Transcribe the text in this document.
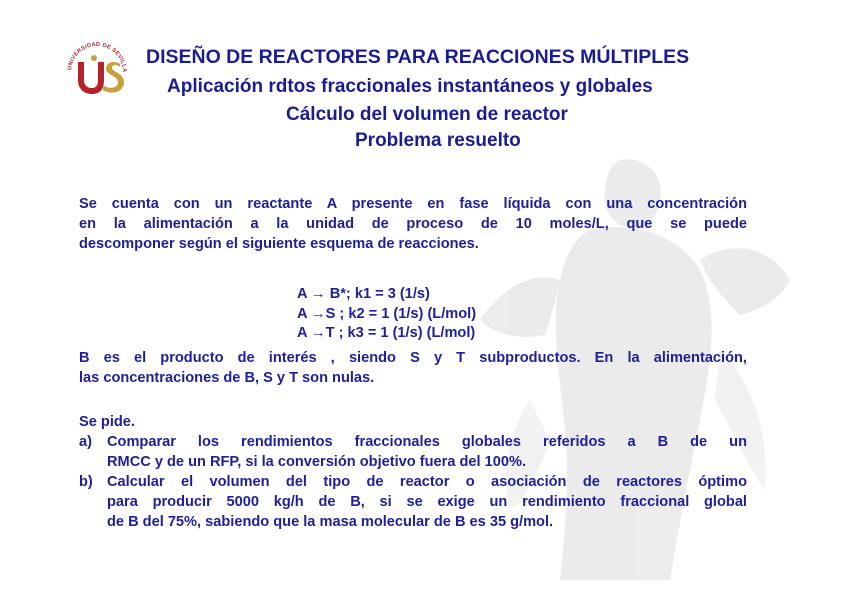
UNIVERSIDAD DE SEVILLA
DISEÑO DE REACTORES PARA REACCIONES MÚLTIPLES
Aplicación rdtos fraccionales instantáneos y globales
Cálculo del volumen de reactor
Problema resuelto
Se cuenta con un reactante A presente en fase líquida con una concentración
en la alimentación a la unidad de proceso de 10 moles/L, que se puede
descomponer según el siguiente esquema de reacciones.
A → B*; k1 = 3 (1/s)
A →S ; k2 = 1 (1/s) (L/mol)
A →T ; k3 = 1 (1/s) (L/mol)
B es el producto de interés , siendo S y T subproductos. En la alimentación,
las concentraciones de B, S y T son nulas.
Se pide.
a) Comparar los rendimientos fraccionales globales referidos a B de un
RMCC y de un RFP, si la conversión objetivo fuera del 100%.
b) Calcular el volumen del tipo de reactor o asociación de reactores óptimo
para producir 5000 kg/h de B, si se exige un rendimiento fraccional global
de B del 75%, sabiendo que la masa molecular de B es 35 g/mol.
